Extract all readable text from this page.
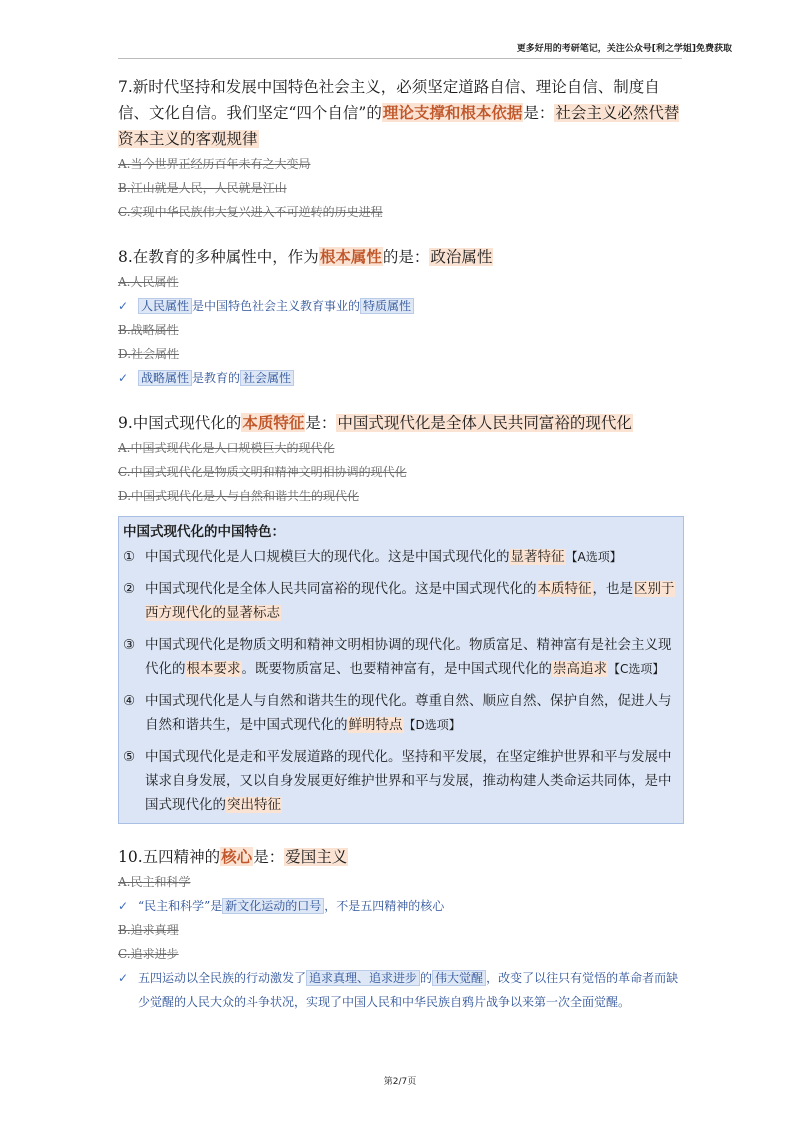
更多好用的考研笔记，关注公众号[利之学姐]免费获取

7.新时代坚持和发展中国特色社会主义，必须坚定道路自信、理论自信、制度自信、文化自信。我们坚定“四个自信”的理论支撑和根本依据是：社会主义必然代替资本主义的客观规律

A.当今世界正经历百年未有之大变局

B.江山就是人民，人民就是江山

C.实现中华民族伟大复兴进入不可逆转的历史进程

8.在教育的多种属性中，作为根本属性的是：政治属性

A.人民属性

✓ 人民属性 是中国特色社会主义教育事业的 特质属性

B.战略属性

D.社会属性

✓ 战略属性 是教育的 社会属性

9.中国式现代化的本质特征是：中国式现代化是全体人民共同富裕的现代化

A.中国式现代化是人口规模巨大的现代化

C.中国式现代化是物质文明和精神文明相协调的现代化

D.中国式现代化是人与自然和谐共生的现代化

中国式现代化的中国特色：

① 中国式现代化是人口规模巨大的现代化。这是中国式现代化的显著特征【A选项】

② 中国式现代化是全体人民共同富裕的现代化。这是中国式现代化的本质特征，也是区别于西方现代化的显著标志

③ 中国式现代化是物质文明和精神文明相协调的现代化。物质富足、精神富有是社会主义现代化的根本要求。既要物质富足、也要精神富有，是中国式现代化的崇高追求【C选项】

④ 中国式现代化是人与自然和谐共生的现代化。尊重自然、顺应自然、保护自然，促进人与自然和谐共生，是中国式现代化的鲜明特点【D选项】

⑤ 中国式现代化是走和平发展道路的现代化。坚持和平发展，在坚定维护世界和平与发展中谋求自身发展，又以自身发展更好维护世界和平与发展，推动构建人类命运共同体，是中国式现代化的突出特征

10.五四精神的核心是：爱国主义

A.民主和科学

✓ “民主和科学”是 新文化运动的口号 ，不是五四精神的核心

B.追求真理

C.追求进步

✓ 五四运动以全民族的行动激发了 追求真理、追求进步 的 伟大觉醒 ，改变了以往只有觉悟的革命者而缺少觉醒的人民大众的斗争状况，实现了中国人民和中华民族自鸦片战争以来第一次全面觉醒。

第2/7页
